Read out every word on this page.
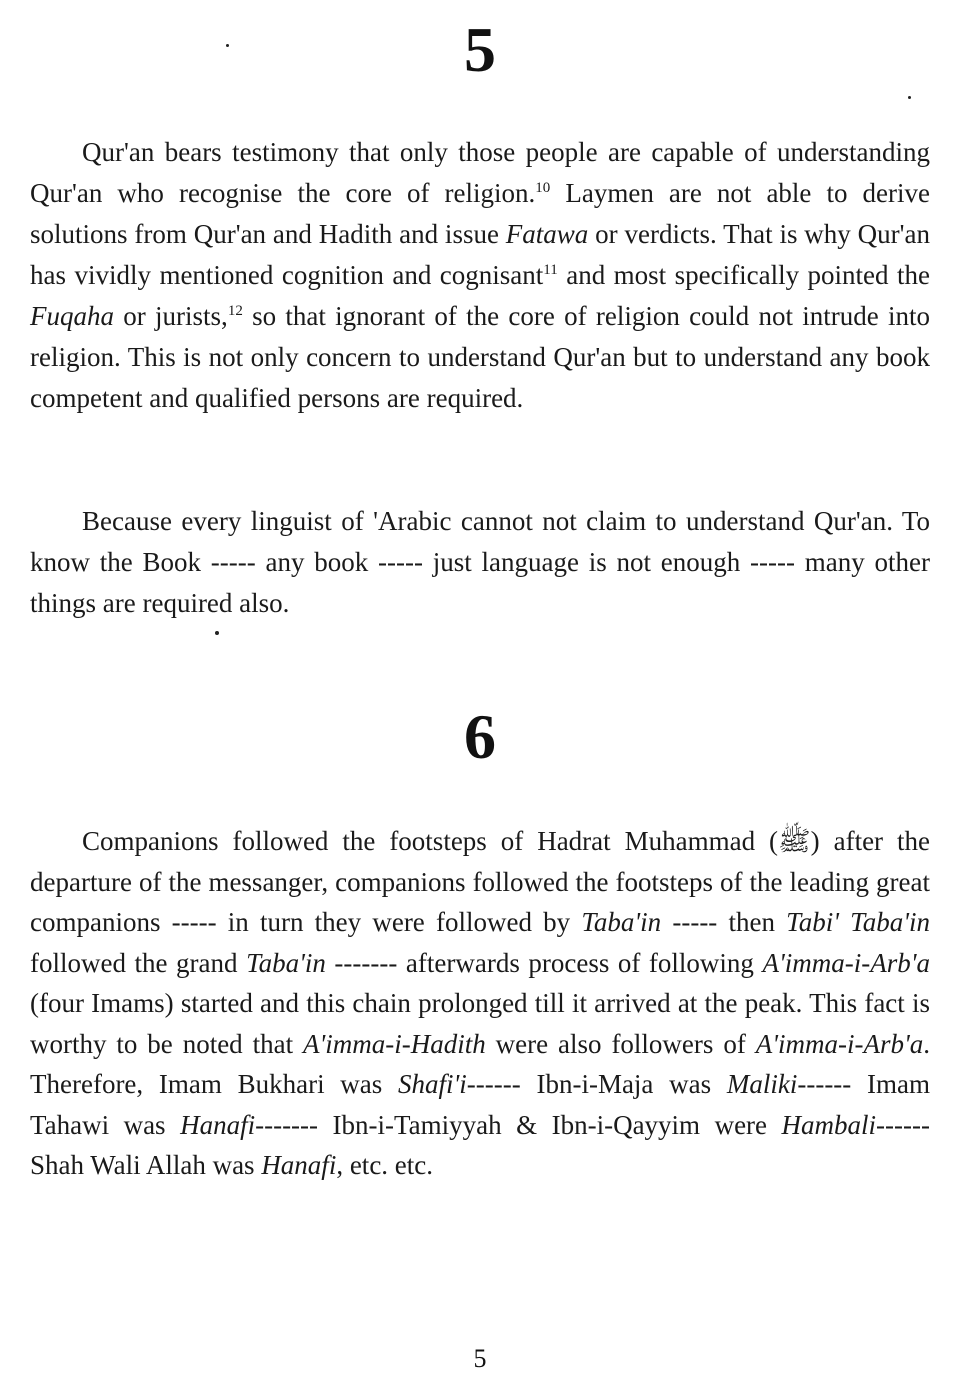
5

Qur'an bears testimony that only those people are capable of understanding Qur'an who recognise the core of religion.$^{10}$ Laymen are not able to derive solutions from Qur'an and Hadith and issue Fatawa or verdicts. That is why Qur'an has vividly mentioned cognition and cognisant$^{11}$ and most specifically pointed the Fuqaha or jurists,$^{12}$ so that ignorant of the core of religion could not intrude into religion. This is not only concern to understand Qur'an but to understand any book competent and qualified persons are required.

Because every linguist of 'Arabic cannot not claim to understand Qur'an. To know the Book ----- any book ----- just language is not enough ----- many other things are required also.

6

Companions followed the footsteps of Hadrat Muhammad (ﷺ) after the departure of the messanger, companions followed the footsteps of the leading great companions ----- in turn they were followed by Taba'in ----- then Tabi' Taba'in followed the grand Taba'in ------- afterwards process of following A'imma-i-Arb'a (four Imams) started and this chain prolonged till it arrived at the peak. This fact is worthy to be noted that A'imma-i-Hadith were also followers of A'imma-i-Arb'a. Therefore, Imam Bukhari was Shafi'i------ Ibn-i-Maja was Maliki------ Imam Tahawi was Hanafi------- Ibn-i-Tamiyyah & Ibn-i-Qayyim were Hambali------ Shah Wali Allah was Hanafi, etc. etc.

5
